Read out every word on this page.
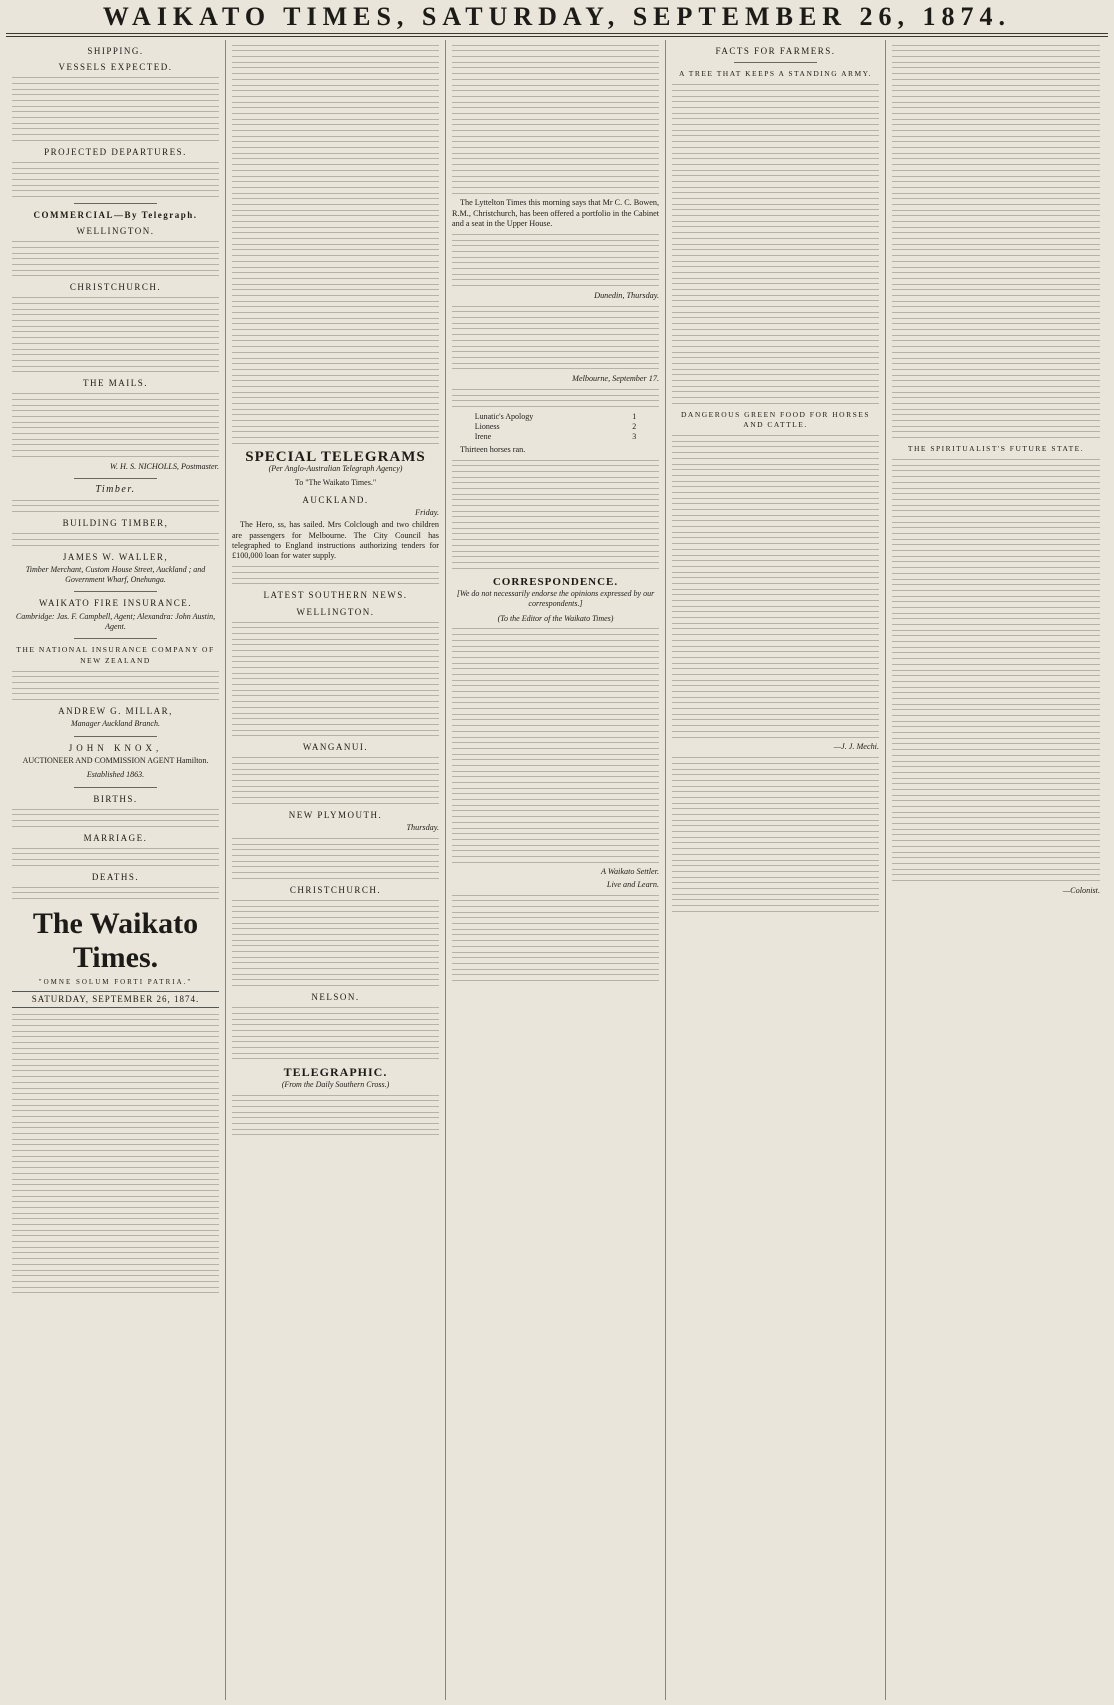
WAIKATO TIMES, SATURDAY, SEPTEMBER 26, 1874.
SHIPPING.
VESSELS EXPECTED.
PROJECTED DEPARTURES.
COMMERCIAL—By Telegraph.
WELLINGTON.
CHRISTCHURCH.
THE MAILS.
W. H. S. NICHOLLS, Postmaster.
Timber.
BUILDING TIMBER,
JAMES W. WALLER,
Timber Merchant, Custom House Street, Auckland ; and Government Wharf, Onehunga.
WAIKATO FIRE INSURANCE.
Cambridge: Jas. F. Campbell, Agent; Alexandra: John Austin, Agent.
THE NATIONAL INSURANCE COMPANY OF NEW ZEALAND
ANDREW G. MILLAR,
Manager Auckland Branch.
JOHN KNOX,
AUCTIONEER AND COMMISSION AGENT Hamilton.
Established 1863.
BIRTHS.
MARRIAGE.
DEATHS.
The Waikato Times.
"OMNE SOLUM FORTI PATRIA."
SATURDAY, SEPTEMBER 26, 1874.
SPECIAL TELEGRAMS
(Per Anglo-Australian Telegraph Agency)
To "The Waikato Times."
AUCKLAND.
Friday.

The Hero, ss, has sailed. Mrs Colclough and two children are passengers for Melbourne. The City Council has telegraphed to England instructions authorizing tenders for £100,000 loan for water supply.

LATEST SOUTHERN NEWS.
WELLINGTON.
WANGANUI.
NEW PLYMOUTH.
Thursday.
CHRISTCHURCH.
NELSON.
TELEGRAPHIC.
(From the Daily Southern Cross.)

The Lyttelton Times this morning says that Mr C. C. Bowen, R.M., Christchurch, has been offered a portfolio in the Cabinet and a seat in the Upper House.

Dunedin, Thursday.
Melbourne, September 17.
Lunatic's Apology	1
Lioness	2
Irene	3

Thirteen horses ran.

CORRESPONDENCE.
[We do not necessarily endorse the opinions expressed by our correspondents.]
(To the Editor of the Waikato Times)
A Waikato Settler.
Live and Learn.
FACTS FOR FARMERS.
A TREE THAT KEEPS A STANDING ARMY.
DANGEROUS GREEN FOOD FOR HORSES AND CATTLE.
—J. J. Mechi.
THE SPIRITUALIST'S FUTURE STATE.
—Colonist.
